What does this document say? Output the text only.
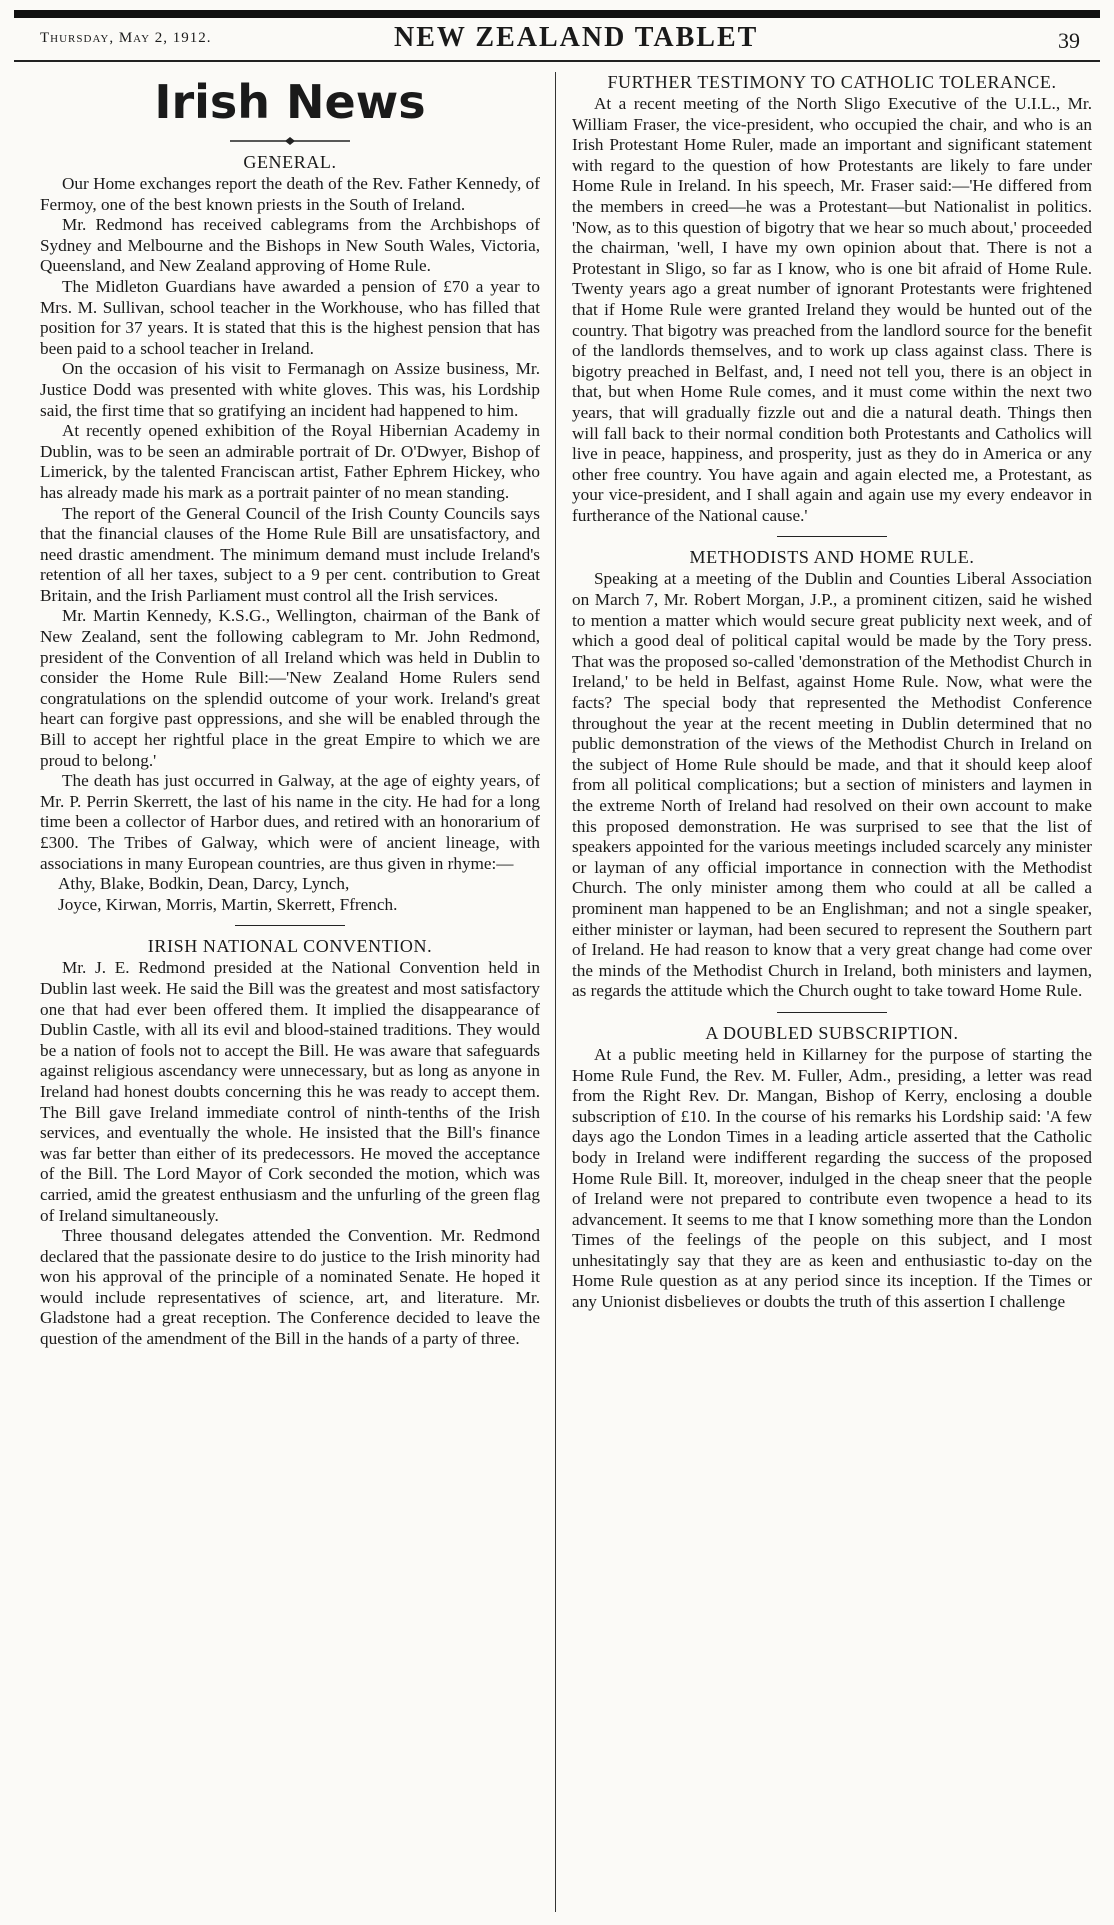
Thursday, May 2, 1912.	NEW ZEALAND TABLET	39
Irish News
GENERAL.

Our Home exchanges report the death of the Rev. Father Kennedy, of Fermoy, one of the best known priests in the South of Ireland.

Mr. Redmond has received cablegrams from the Archbishops of Sydney and Melbourne and the Bishops in New South Wales, Victoria, Queensland, and New Zealand approving of Home Rule.

The Midleton Guardians have awarded a pension of £70 a year to Mrs. M. Sullivan, school teacher in the Workhouse, who has filled that position for 37 years. It is stated that this is the highest pension that has been paid to a school teacher in Ireland.

On the occasion of his visit to Fermanagh on Assize business, Mr. Justice Dodd was presented with white gloves. This was, his Lordship said, the first time that so gratifying an incident had happened to him.

At recently opened exhibition of the Royal Hibernian Academy in Dublin, was to be seen an admirable portrait of Dr. O'Dwyer, Bishop of Limerick, by the talented Franciscan artist, Father Ephrem Hickey, who has already made his mark as a portrait painter of no mean standing.

The report of the General Council of the Irish County Councils says that the financial clauses of the Home Rule Bill are unsatisfactory, and need drastic amendment. The minimum demand must include Ireland's retention of all her taxes, subject to a 9 per cent. contribution to Great Britain, and the Irish Parliament must control all the Irish services.

Mr. Martin Kennedy, K.S.G., Wellington, chairman of the Bank of New Zealand, sent the following cablegram to Mr. John Redmond, president of the Convention of all Ireland which was held in Dublin to consider the Home Rule Bill:—'New Zealand Home Rulers send congratulations on the splendid outcome of your work. Ireland's great heart can forgive past oppressions, and she will be enabled through the Bill to accept her rightful place in the great Empire to which we are proud to belong.'

The death has just occurred in Galway, at the age of eighty years, of Mr. P. Perrin Skerrett, the last of his name in the city. He had for a long time been a collector of Harbor dues, and retired with an honorarium of £300. The Tribes of Galway, which were of ancient lineage, with associations in many European countries, are thus given in rhyme:—

Athy, Blake, Bodkin, Dean, Darcy, Lynch,

Joyce, Kirwan, Morris, Martin, Skerrett, Ffrench.

IRISH NATIONAL CONVENTION.

Mr. J. E. Redmond presided at the National Convention held in Dublin last week. He said the Bill was the greatest and most satisfactory one that had ever been offered them. It implied the disappearance of Dublin Castle, with all its evil and blood-stained traditions. They would be a nation of fools not to accept the Bill. He was aware that safeguards against religious ascendancy were unnecessary, but as long as anyone in Ireland had honest doubts concerning this he was ready to accept them. The Bill gave Ireland immediate control of ninth-tenths of the Irish services, and eventually the whole. He insisted that the Bill's finance was far better than either of its predecessors. He moved the acceptance of the Bill. The Lord Mayor of Cork seconded the motion, which was carried, amid the greatest enthusiasm and the unfurling of the green flag of Ireland simultaneously.

Three thousand delegates attended the Convention. Mr. Redmond declared that the passionate desire to do justice to the Irish minority had won his approval of the principle of a nominated Senate. He hoped it would include representatives of science, art, and literature. Mr. Gladstone had a great reception. The Conference decided to leave the question of the amendment of the Bill in the hands of a party of three.

FURTHER TESTIMONY TO CATHOLIC TOLERANCE.

At a recent meeting of the North Sligo Executive of the U.I.L., Mr. William Fraser, the vice-president, who occupied the chair, and who is an Irish Protestant Home Ruler, made an important and significant statement with regard to the question of how Protestants are likely to fare under Home Rule in Ireland. In his speech, Mr. Fraser said:—'He differed from the members in creed—he was a Protestant—but Nationalist in politics. 'Now, as to this question of bigotry that we hear so much about,' proceeded the chairman, 'well, I have my own opinion about that. There is not a Protestant in Sligo, so far as I know, who is one bit afraid of Home Rule. Twenty years ago a great number of ignorant Protestants were frightened that if Home Rule were granted Ireland they would be hunted out of the country. That bigotry was preached from the landlord source for the benefit of the landlords themselves, and to work up class against class. There is bigotry preached in Belfast, and, I need not tell you, there is an object in that, but when Home Rule comes, and it must come within the next two years, that will gradually fizzle out and die a natural death. Things then will fall back to their normal condition both Protestants and Catholics will live in peace, happiness, and prosperity, just as they do in America or any other free country. You have again and again elected me, a Protestant, as your vice-president, and I shall again and again use my every endeavor in furtherance of the National cause.'

METHODISTS AND HOME RULE.

Speaking at a meeting of the Dublin and Counties Liberal Association on March 7, Mr. Robert Morgan, J.P., a prominent citizen, said he wished to mention a matter which would secure great publicity next week, and of which a good deal of political capital would be made by the Tory press. That was the proposed so-called 'demonstration of the Methodist Church in Ireland,' to be held in Belfast, against Home Rule. Now, what were the facts? The special body that represented the Methodist Conference throughout the year at the recent meeting in Dublin determined that no public demonstration of the views of the Methodist Church in Ireland on the subject of Home Rule should be made, and that it should keep aloof from all political complications; but a section of ministers and laymen in the extreme North of Ireland had resolved on their own account to make this proposed demonstration. He was surprised to see that the list of speakers appointed for the various meetings included scarcely any minister or layman of any official importance in connection with the Methodist Church. The only minister among them who could at all be called a prominent man happened to be an Englishman; and not a single speaker, either minister or layman, had been secured to represent the Southern part of Ireland. He had reason to know that a very great change had come over the minds of the Methodist Church in Ireland, both ministers and laymen, as regards the attitude which the Church ought to take toward Home Rule.

A DOUBLED SUBSCRIPTION.

At a public meeting held in Killarney for the purpose of starting the Home Rule Fund, the Rev. M. Fuller, Adm., presiding, a letter was read from the Right Rev. Dr. Mangan, Bishop of Kerry, enclosing a double subscription of £10. In the course of his remarks his Lordship said: 'A few days ago the London Times in a leading article asserted that the Catholic body in Ireland were indifferent regarding the success of the proposed Home Rule Bill. It, moreover, indulged in the cheap sneer that the people of Ireland were not prepared to contribute even twopence a head to its advancement. It seems to me that I know something more than the London Times of the feelings of the people on this subject, and I most unhesitatingly say that they are as keen and enthusiastic to-day on the Home Rule question as at any period since its inception. If the Times or any Unionist disbelieves or doubts the truth of this assertion I challenge
